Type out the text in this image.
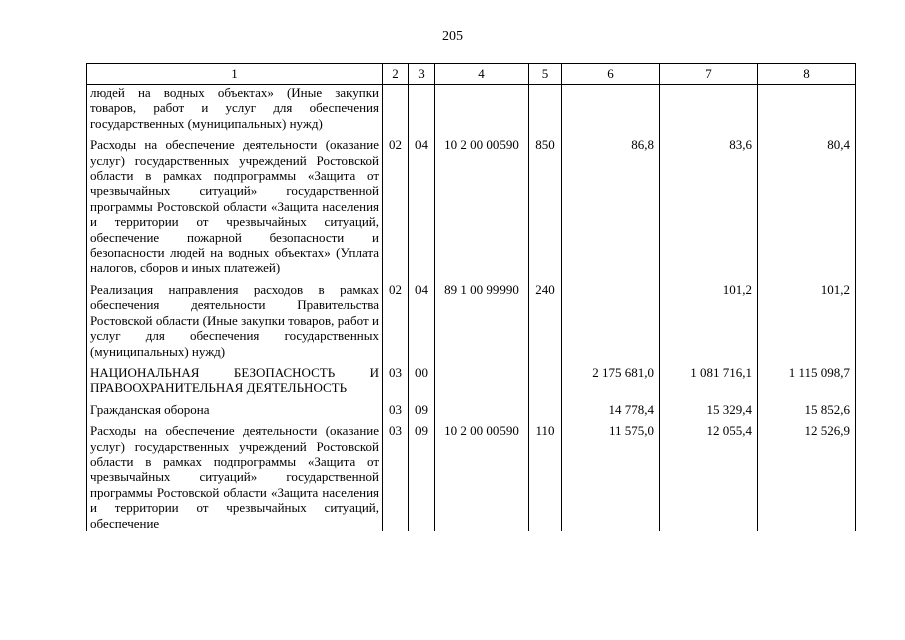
205
1	2	3	4	5	6	7	8
людей на водных объектах» (Иные закупки товаров, работ и услуг для обеспечения государственных (муниципальных) нужд)							
Расходы на обеспечение деятельности (оказание услуг) государственных учреждений Ростовской области в рамках подпрограммы «Защита от чрезвычайных ситуаций» государственной программы Ростовской области «Защита населения и территории от чрезвычайных ситуаций, обеспечение пожарной безопасности и безопасности людей на водных объектах» (Уплата налогов, сборов и иных платежей)	02	04	10 2 00 00590	850	86,8	83,6	80,4
Реализация направления расходов в рамках обеспечения деятельности Правительства Ростовской области (Иные закупки товаров, работ и услуг для обеспечения государственных (муниципальных) нужд)	02	04	89 1 00 99990	240		101,2	101,2
НАЦИОНАЛЬНАЯ БЕЗОПАСНОСТЬ И ПРАВООХРАНИТЕЛЬНАЯ ДЕЯТЕЛЬНОСТЬ	03	00			2 175 681,0	1 081 716,1	1 115 098,7
Гражданская оборона	03	09			14 778,4	15 329,4	15 852,6
Расходы на обеспечение деятельности (оказание услуг) государственных учреждений Ростовской области в рамках подпрограммы «Защита от чрезвычайных ситуаций» государственной программы Ростовской области «Защита населения и территории от чрезвычайных ситуаций, обеспечение	03	09	10 2 00 00590	110	11 575,0	12 055,4	12 526,9
